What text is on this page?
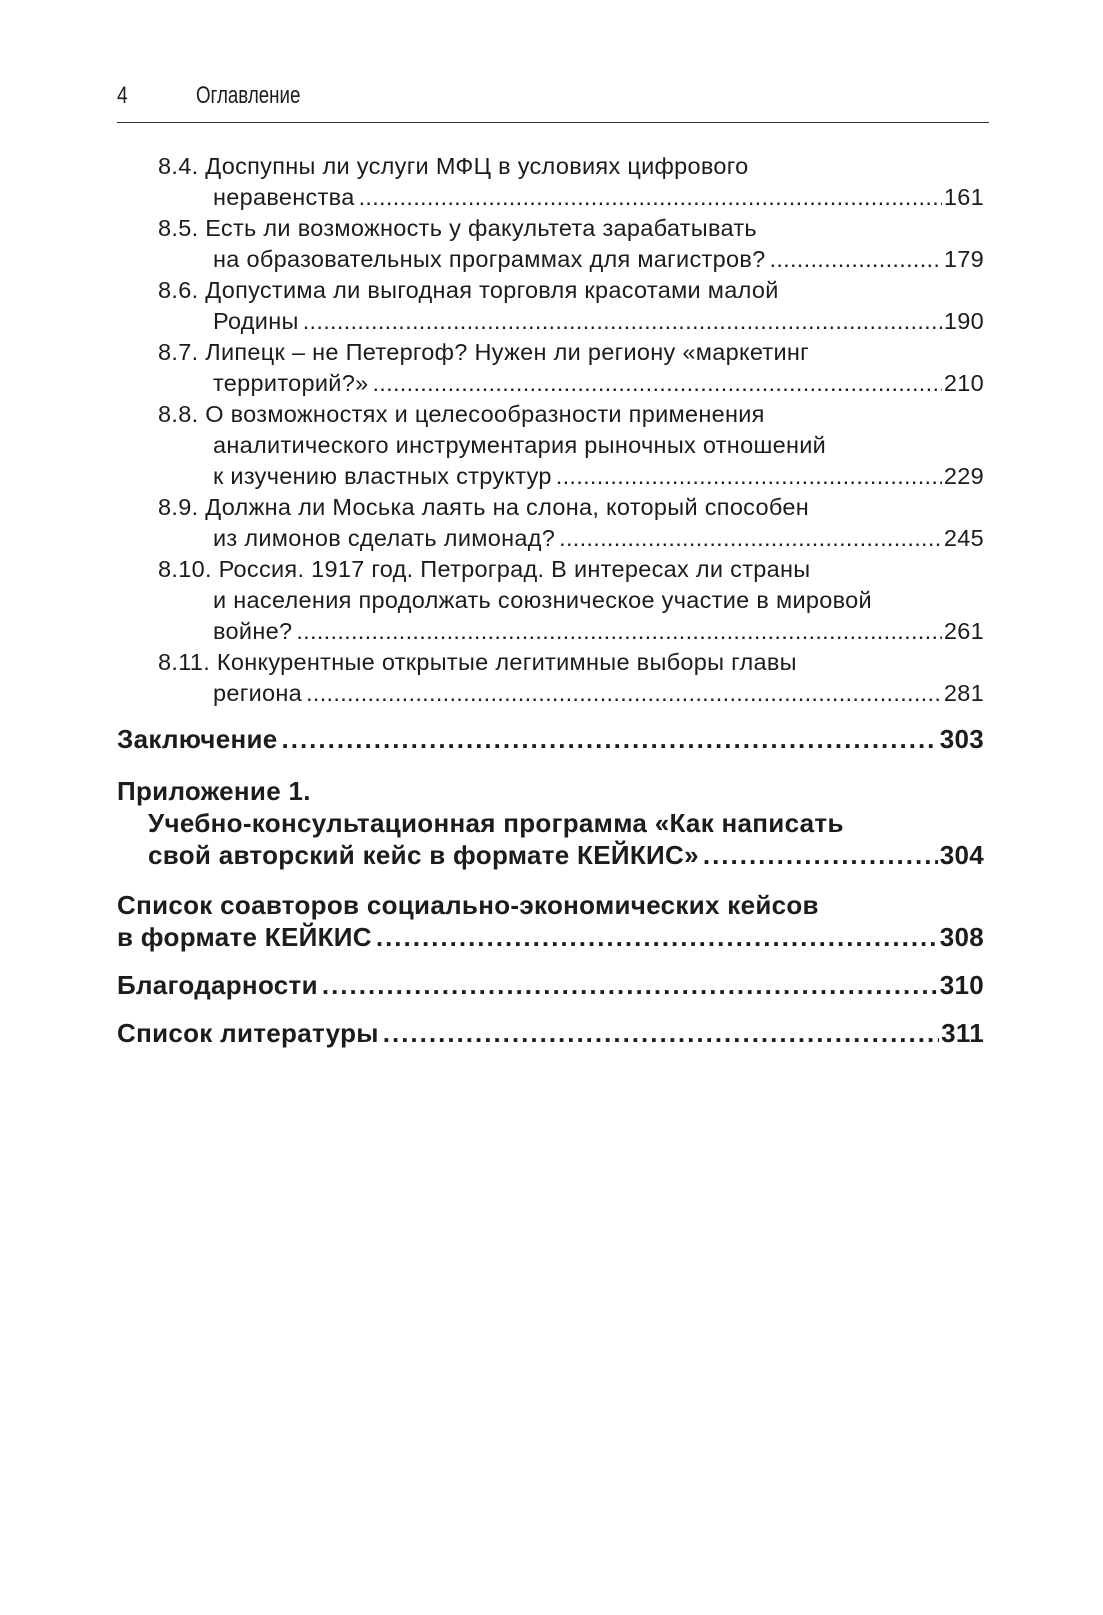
4	Оглавление
8.4. Доспупны ли услуги МФЦ в условиях цифрового
неравенства .....	161
8.5. Есть ли возможность у факультета зарабатывать
на образовательных программах для магистров? .....	179
8.6. Допустима ли выгодная торговля красотами малой
Родины .....	190
8.7. Липецк – не Петергоф? Нужен ли региону «маркетинг
территорий?» .....	210
8.8. О возможностях и целесообразности применения
аналитического инструментария рыночных отношений
к изучению властных структур .....	229
8.9. Должна ли Моська лаять на слона, который способен
из лимонов сделать лимонад? .....	245
8.10. Россия. 1917 год. Петроград. В интересах ли страны
и населения продолжать союзническое участие в мировой
войне? .....	261
8.11. Конкурентные открытые легитимные выборы главы
региона .....	281
Заключение .....	303
Приложение 1.
Учебно-консультационная программа «Как написать
свой авторский кейс в формате КЕЙКИС» .....	304
Список соавторов социально-экономических кейсов
в формате КЕЙКИС .....	308
Благодарности .....	310
Список литературы .....	311
